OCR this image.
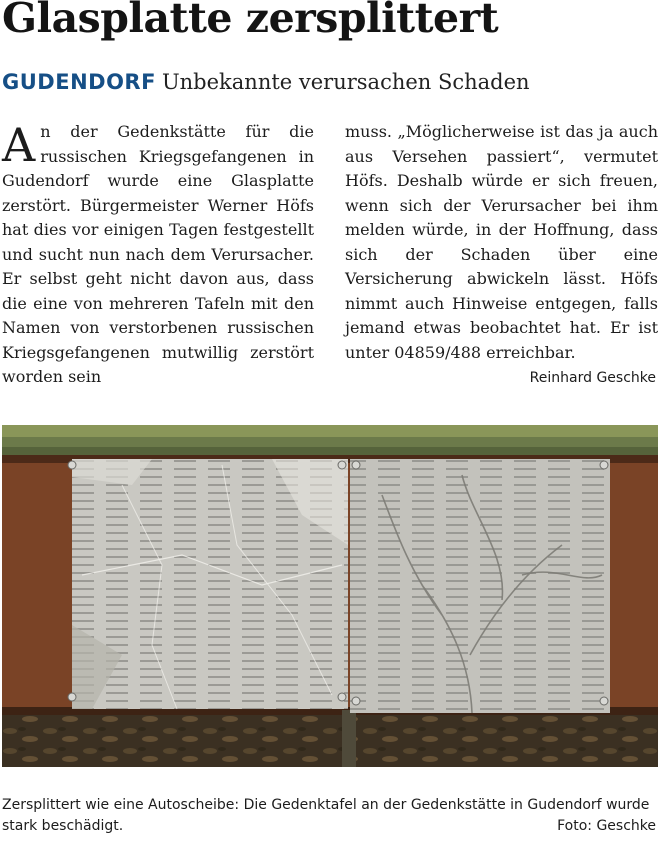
Glasplatte zersplittert
GUDENDORF Unbekannte verursachen Schaden
An der Gedenkstätte für die russischen Kriegsgefangenen in Gudendorf wurde eine Glasplatte zerstört. Bürgermeister Werner Höfs hat dies vor einigen Tagen festgestellt und sucht nun nach dem Verursacher. Er selbst geht nicht davon aus, dass die eine von mehreren Tafeln mit den Namen von verstorbenen russischen Kriegsgefangenen mutwillig zerstört worden sein
muss. „Möglicherweise ist das ja auch aus Versehen passiert“, vermutet Höfs. Deshalb würde er sich freuen, wenn sich der Verursacher bei ihm melden würde, in der Hoffnung, dass sich der Schaden über eine Versicherung abwickeln lässt. Höfs nimmt auch Hinweise entgegen, falls jemand etwas beobachtet hat. Er ist unter 04859/488 erreichbar.
Reinhard Geschke
Zersplittert wie eine Autoscheibe: Die Gedenktafel an der Gedenkstätte in Gudendorf wurde stark beschädigt.	Foto: Geschke
